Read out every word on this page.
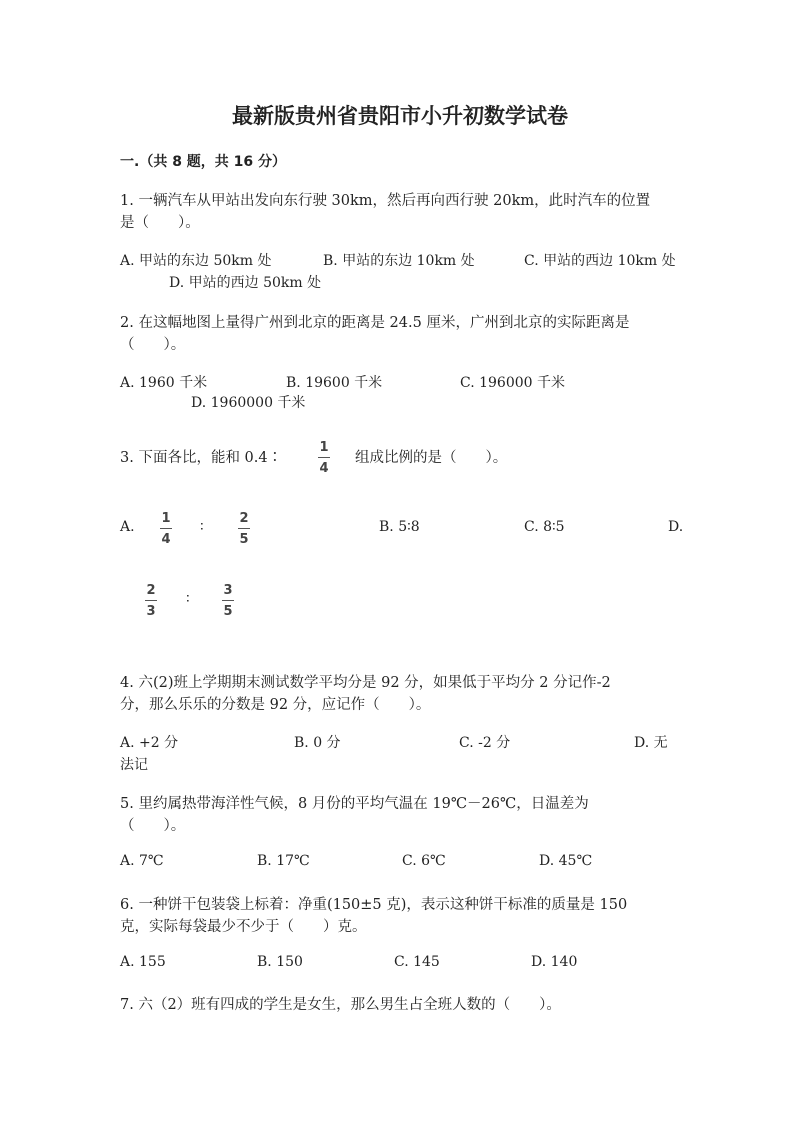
最新版贵州省贵阳市小升初数学试卷
一.（共 8 题，共 16 分）
1. 一辆汽车从甲站出发向东行驶 30km，然后再向西行驶 20km，此时汽车的位置
是（　　）。
A. 甲站的东边 50km 处	B. 甲站的东边 10km 处	C. 甲站的西边 10km 处
D. 甲站的西边 50km 处
2. 在这幅地图上量得广州到北京的距离是 24.5 厘米，广州到北京的实际距离是
（　　）。
A. 1960 千米	B. 19600 千米	C. 196000 千米
D. 1960000 千米
3. 下面各比，能和 0.4∶
1
4
组成比例的是（　　）。
A.
1
4
∶
2
5
B. 5∶8	C. 8∶5	D.
2
3
∶
3
5
4. 六(2)班上学期期末测试数学平均分是 92 分，如果低于平均分 2 分记作-2
分，那么乐乐的分数是 92 分，应记作（　　）。
A. +2 分	B. 0 分	C. -2 分	D. 无
法记
5. 里约属热带海洋性气候，8 月份的平均气温在 19℃－26℃，日温差为
（　　）。
A. 7℃	B. 17℃	C. 6℃	D. 45℃
6. 一种饼干包装袋上标着：净重(150±5 克)，表示这种饼干标准的质量是 150
克，实际每袋最少不少于（　　）克。
A. 155	B. 150	C. 145	D. 140
7. 六（2）班有四成的学生是女生，那么男生占全班人数的（　　）。
